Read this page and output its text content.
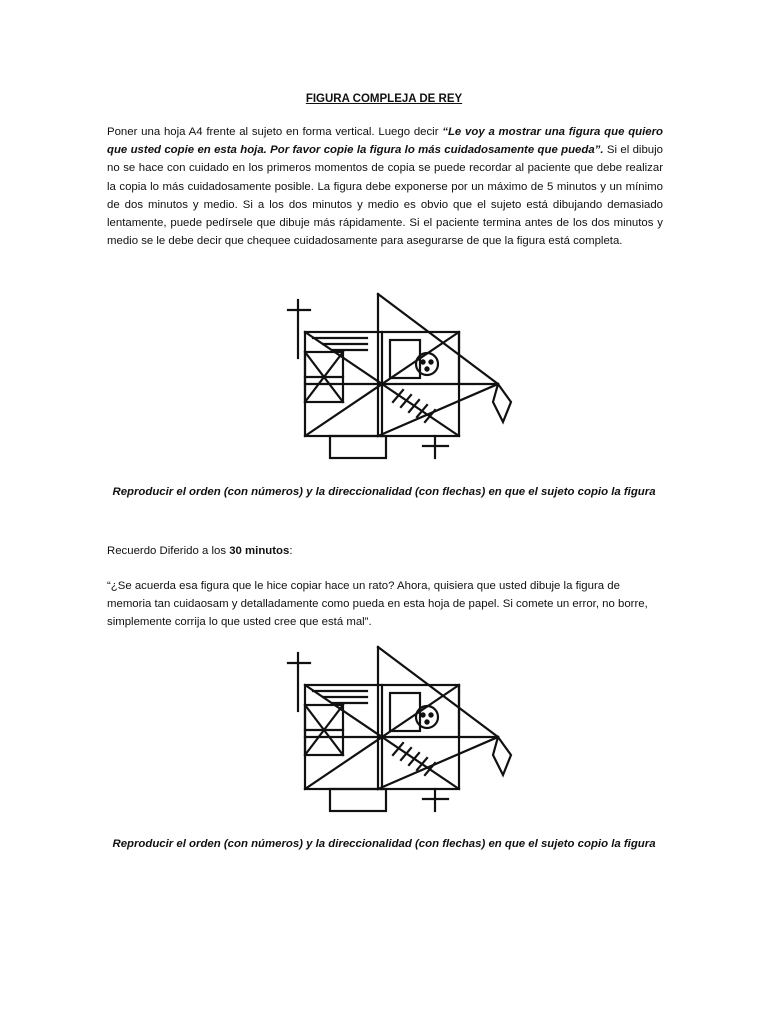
FIGURA COMPLEJA DE REY

Poner una hoja A4 frente al sujeto en forma vertical. Luego decir “Le voy a mostrar una figura que quiero que usted copie en esta hoja. Por favor copie la figura lo más cuidadosamente que pueda”. Si el dibujo no se hace con cuidado en los primeros momentos de copia se puede recordar al paciente que debe realizar la copia lo más cuidadosamente posible. La figura debe exponerse por un máximo de 5 minutos y un mínimo de dos minutos y medio. Si a los dos minutos y medio es obvio que el sujeto está dibujando demasiado lentamente, puede pedírsele que dibuje más rápidamente. Si el paciente termina antes de los dos minutos y medio se le debe decir que chequee cuidadosamente para asegurarse de que la figura está completa.

Reproducir el orden (con números) y la direccionalidad (con flechas) en que el sujeto copio la figura
Recuerdo Diferido a los 30 minutos:

“¿Se acuerda esa figura que le hice copiar hace un rato? Ahora, quisiera que usted dibuje la figura de memoria tan cuidaosam y detalladamente como pueda en esta hoja de papel. Si comete un error, no borre, simplemente corrija lo que usted cree que está mal”.

Reproducir el orden (con números) y la direccionalidad (con flechas) en que el sujeto copio la figura
